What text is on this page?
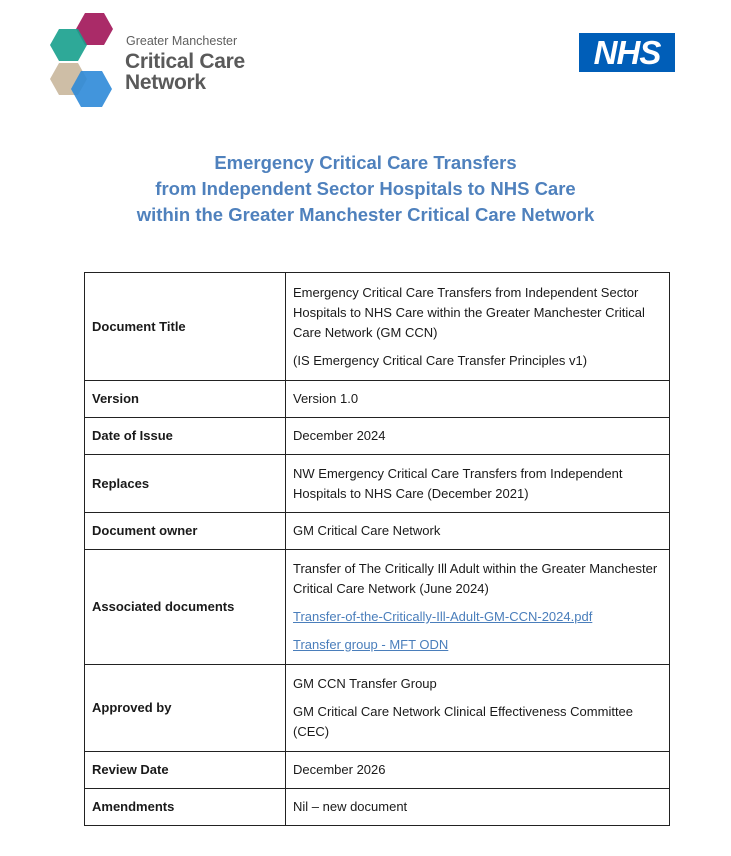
Greater Manchester
Critical Care
Network
NHS
Emergency Critical Care Transfers
from Independent Sector Hospitals to NHS Care
within the Greater Manchester Critical Care Network
Document Title	Emergency Critical Care Transfers from Independent Sector Hospitals to NHS Care within the Greater Manchester Critical Care Network (GM CCN)

(IS Emergency Critical Care Transfer Principles v1)

Version	Version 1.0
Date of Issue	December 2024
Replaces	NW Emergency Critical Care Transfers from Independent Hospitals to NHS Care (December 2021)
Document owner	GM Critical Care Network
Associated documents	Transfer of The Critically Ill Adult within the Greater Manchester Critical Care Network (June 2024)

Transfer-of-the-Critically-Ill-Adult-GM-CCN-2024.pdf

Transfer group - MFT ODN

Approved by	GM CCN Transfer Group

GM Critical Care Network Clinical Effectiveness Committee (CEC)

Review Date	December 2026
Amendments	Nil – new document
